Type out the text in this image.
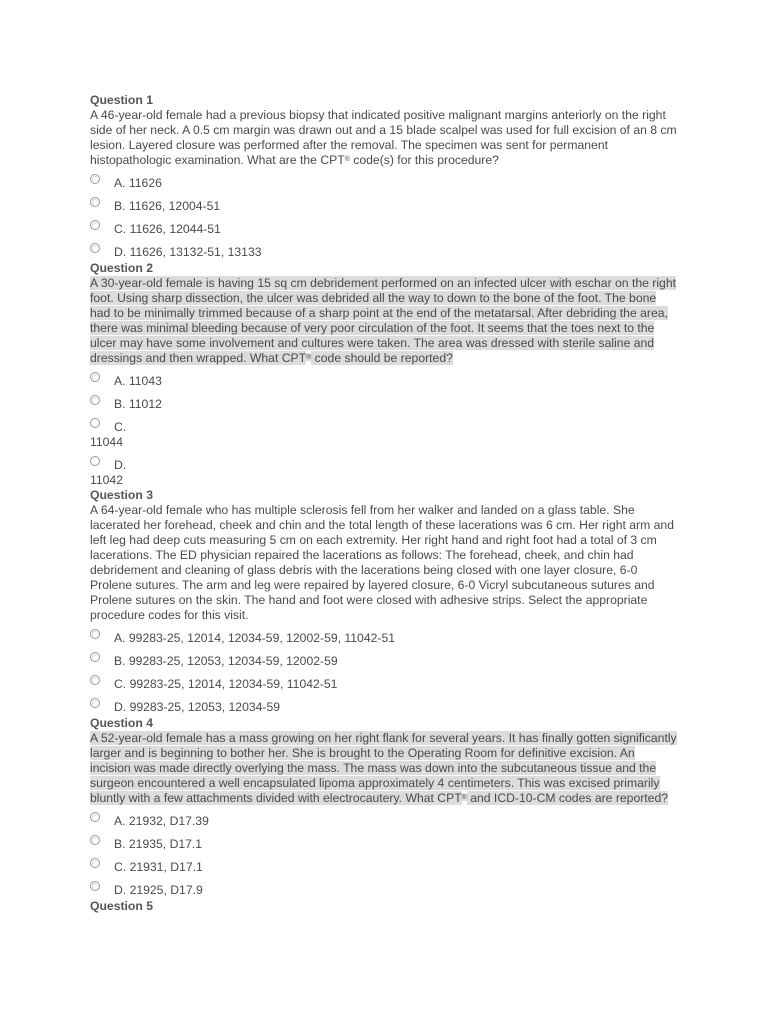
Question 1

A 46-year-old female had a previous biopsy that indicated positive malignant margins anteriorly on the right side of her neck. A 0.5 cm margin was drawn out and a 15 blade scalpel was used for full excision of an 8 cm lesion. Layered closure was performed after the removal. The specimen was sent for permanent histopathologic examination. What are the CPT® code(s) for this procedure?

A. 11626
B. 11626, 12004-51
C. 11626, 12044-51
D. 11626, 13132-51, 13133
Question 2

A 30-year-old female is having 15 sq cm debridement performed on an infected ulcer with eschar on the right foot. Using sharp dissection, the ulcer was debrided all the way to down to the bone of the foot. The bone had to be minimally trimmed because of a sharp point at the end of the metatarsal. After debriding the area, there was minimal bleeding because of very poor circulation of the foot. It seems that the toes next to the ulcer may have some involvement and cultures were taken. The area was dressed with sterile saline and dressings and then wrapped. What CPT® code should be reported?

A. 11043
B. 11012
C.
11044
D.
11042
Question 3

A 64-year-old female who has multiple sclerosis fell from her walker and landed on a glass table. She lacerated her forehead, cheek and chin and the total length of these lacerations was 6 cm. Her right arm and left leg had deep cuts measuring 5 cm on each extremity. Her right hand and right foot had a total of 3 cm lacerations. The ED physician repaired the lacerations as follows: The forehead, cheek, and chin had debridement and cleaning of glass debris with the lacerations being closed with one layer closure, 6-0 Prolene sutures. The arm and leg were repaired by layered closure, 6-0 Vicryl subcutaneous sutures and Prolene sutures on the skin. The hand and foot were closed with adhesive strips. Select the appropriate procedure codes for this visit.

A. 99283-25, 12014, 12034-59, 12002-59, 11042-51
B. 99283-25, 12053, 12034-59, 12002-59
C. 99283-25, 12014, 12034-59, 11042-51
D. 99283-25, 12053, 12034-59
Question 4

A 52-year-old female has a mass growing on her right flank for several years. It has finally gotten significantly larger and is beginning to bother her. She is brought to the Operating Room for definitive excision. An incision was made directly overlying the mass. The mass was down into the subcutaneous tissue and the surgeon encountered a well encapsulated lipoma approximately 4 centimeters. This was excised primarily bluntly with a few attachments divided with electrocautery. What CPT® and ICD-10-CM codes are reported?

A. 21932, D17.39
B. 21935, D17.1
C. 21931, D17.1
D. 21925, D17.9
Question 5
